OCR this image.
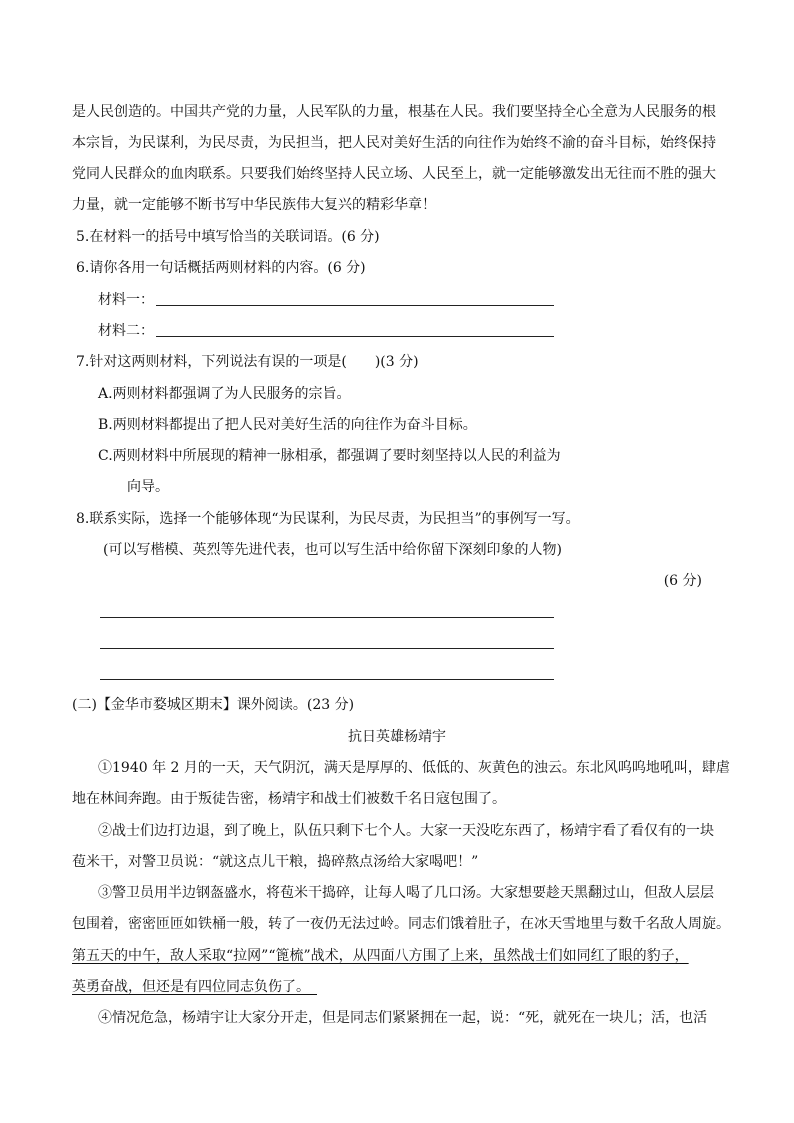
是人民创造的。中国共产党的力量，人民军队的力量，根基在人民。我们要坚持全心全意为人民服务的根
本宗旨，为民谋利，为民尽责，为民担当，把人民对美好生活的向往作为始终不渝的奋斗目标，始终保持
党同人民群众的血肉联系。只要我们始终坚持人民立场、人民至上，就一定能够激发出无往而不胜的强大
力量，就一定能够不断书写中华民族伟大复兴的精彩华章！
5.在材料一的括号中填写恰当的关联词语。(6 分)
6.请你各用一句话概括两则材料的内容。(6 分)
材料一：
材料二：
7.针对这两则材料，下列说法有误的一项是(　　)(3 分)
A.两则材料都强调了为人民服务的宗旨。
B.两则材料都提出了把人民对美好生活的向往作为奋斗目标。
C.两则材料中所展现的精神一脉相承，都强调了要时刻坚持以人民的利益为
向导。
8.联系实际，选择一个能够体现“为民谋利，为民尽责，为民担当”的事例写一写。
(可以写楷模、英烈等先进代表，也可以写生活中给你留下深刻印象的人物)
(6 分)
(二)【金华市婺城区期末】课外阅读。(23 分)
抗日英雄杨靖宇
①1940 年 2 月的一天，天气阴沉，满天是厚厚的、低低的、灰黄色的浊云。东北风呜呜地吼叫，肆虐
地在林间奔跑。由于叛徒告密，杨靖宇和战士们被数千名日寇包围了。
②战士们边打边退，到了晚上，队伍只剩下七个人。大家一天没吃东西了，杨靖宇看了看仅有的一块
苞米干，对警卫员说：“就这点儿干粮，捣碎熬点汤给大家喝吧！”
③警卫员用半边钢盔盛水，将苞米干捣碎，让每人喝了几口汤。大家想要趁天黑翻过山，但敌人层层
包围着，密密匝匝如铁桶一般，转了一夜仍无法过岭。同志们饿着肚子，在冰天雪地里与数千名敌人周旋。
第五天的中午，敌人采取“拉网”“篦梳”战术，从四面八方围了上来，虽然战士们如同红了眼的豹子，
英勇奋战，但还是有四位同志负伤了。　
④情况危急，杨靖宇让大家分开走，但是同志们紧紧拥在一起，说：“死，就死在一块儿；活，也活
